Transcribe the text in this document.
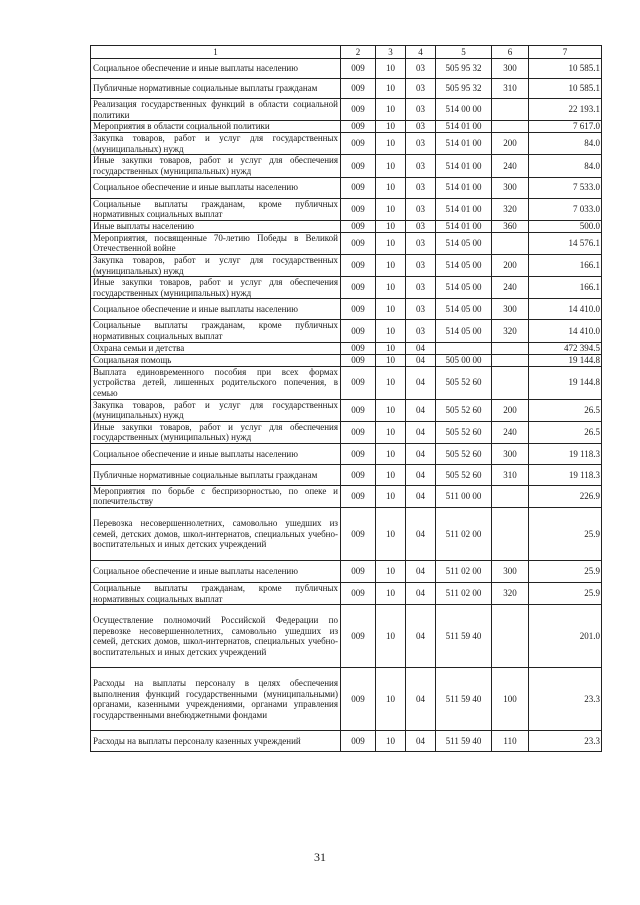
1	2	3	4	5	6	7
Социальное обеспечение и иные выплаты населению	009	10	03	505 95 32	300	10 585.1
Публичные нормативные социальные выплаты гражданам	009	10	03	505 95 32	310	10 585.1
Реализация государственных функций в области социальной политики	009	10	03	514 00 00		22 193.1
Мероприятия в области социальной политики	009	10	03	514 01 00		7 617.0
Закупка товаров, работ и услуг для государственных (муниципальных) нужд	009	10	03	514 01 00	200	84.0
Иные закупки товаров, работ и услуг для обеспечения государственных (муниципальных) нужд	009	10	03	514 01 00	240	84.0
Социальное обеспечение и иные выплаты населению	009	10	03	514 01 00	300	7 533.0
Социальные выплаты гражданам, кроме публичных нормативных социальных выплат	009	10	03	514 01 00	320	7 033.0
Иные выплаты населению	009	10	03	514 01 00	360	500.0
Мероприятия, посвященные 70-летию Победы в Великой Отечественной войне	009	10	03	514 05 00		14 576.1
Закупка товаров, работ и услуг для государственных (муниципальных) нужд	009	10	03	514 05 00	200	166.1
Иные закупки товаров, работ и услуг для обеспечения государственных (муниципальных) нужд	009	10	03	514 05 00	240	166.1
Социальное обеспечение и иные выплаты населению	009	10	03	514 05 00	300	14 410.0
Социальные выплаты гражданам, кроме публичных нормативных социальных выплат	009	10	03	514 05 00	320	14 410.0
Охрана семьи и детства	009	10	04			472 394.5
Социальная помощь	009	10	04	505 00 00		19 144.8
Выплата единовременного пособия при всех формах устройства детей, лишенных родительского попечения, в семью	009	10	04	505 52 60		19 144.8
Закупка товаров, работ и услуг для государственных (муниципальных) нужд	009	10	04	505 52 60	200	26.5
Иные закупки товаров, работ и услуг для обеспечения государственных (муниципальных) нужд	009	10	04	505 52 60	240	26.5
Социальное обеспечение и иные выплаты населению	009	10	04	505 52 60	300	19 118.3
Публичные нормативные социальные выплаты гражданам	009	10	04	505 52 60	310	19 118.3
Мероприятия по борьбе с беспризорностью, по опеке и попечительству	009	10	04	511 00 00		226.9
Перевозка несовершеннолетних, самовольно ушедших из семей, детских домов, школ-интернатов, специальных учебно-воспитательных и иных детских учреждений	009	10	04	511 02 00		25.9
Социальное обеспечение и иные выплаты населению	009	10	04	511 02 00	300	25.9
Социальные выплаты гражданам, кроме публичных нормативных социальных выплат	009	10	04	511 02 00	320	25.9
Осуществление полномочий Российской Федерации по перевозке несовершеннолетних, самовольно ушедших из семей, детских домов, школ-интернатов, специальных учебно-воспитательных и иных детских учреждений	009	10	04	511 59 40		201.0
Расходы на выплаты персоналу в целях обеспечения выполнения функций государственными (муниципальными) органами, казенными учреждениями, органами управления государственными внебюджетными фондами	009	10	04	511 59 40	100	23.3
Расходы на выплаты персоналу казенных учреждений	009	10	04	511 59 40	110	23.3
31
